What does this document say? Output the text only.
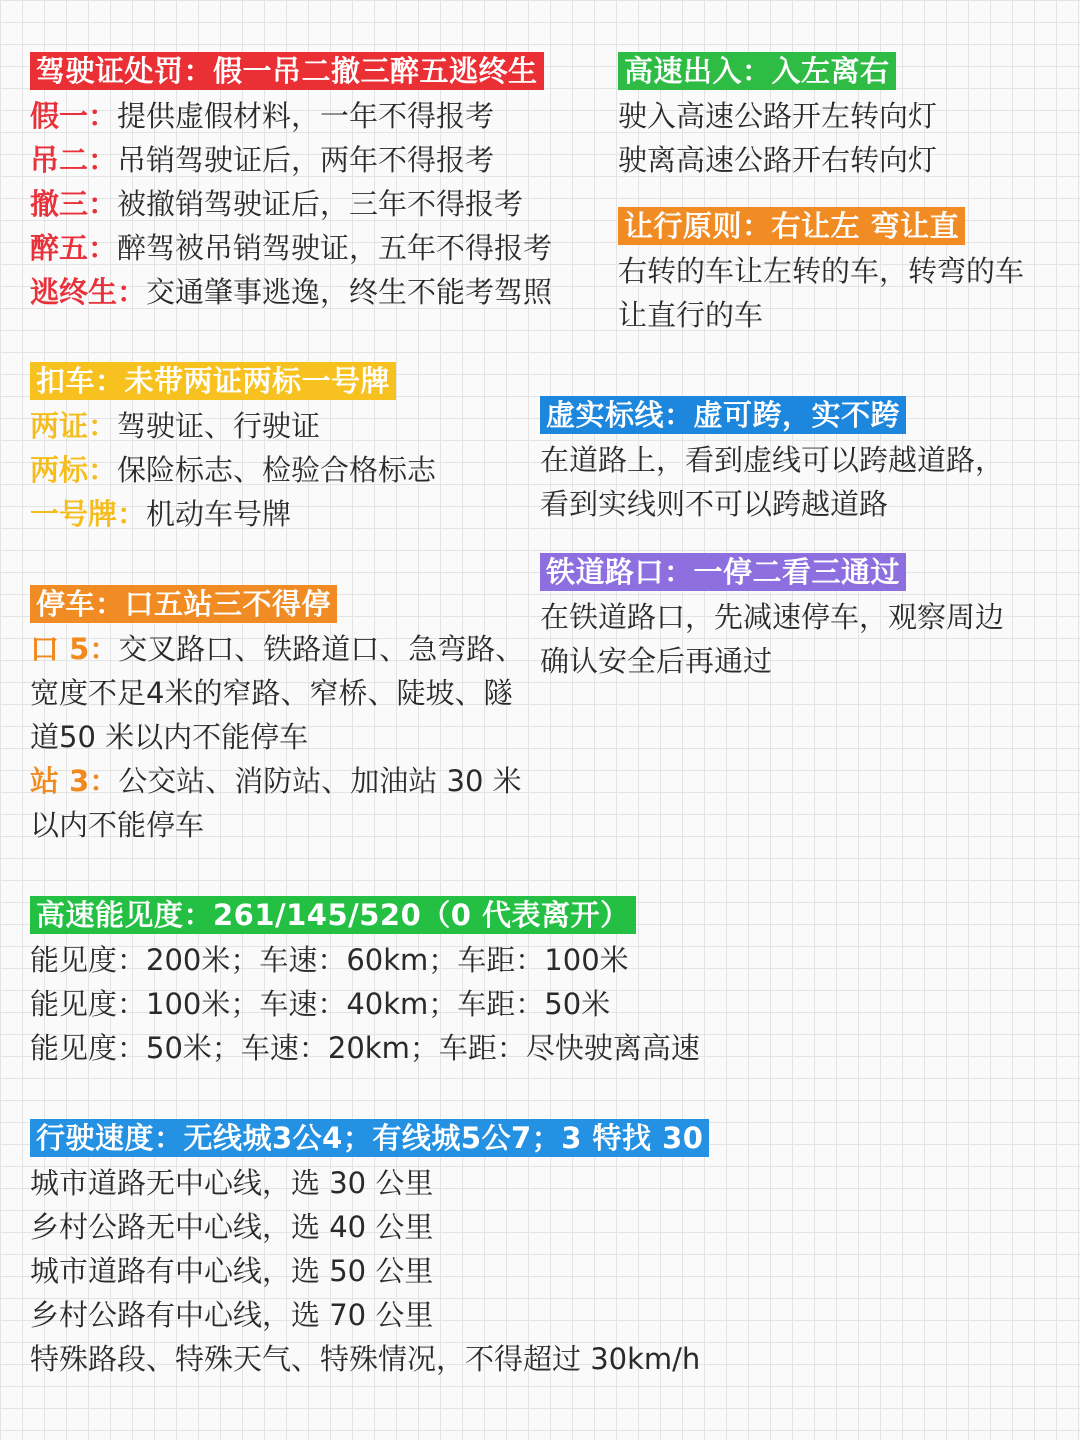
驾驶证处罚：假一吊二撤三醉五逃终生
假一：提供虚假材料，一年不得报考
吊二：吊销驾驶证后，两年不得报考
撤三：被撤销驾驶证后，三年不得报考
醉五：醉驾被吊销驾驶证，五年不得报考
逃终生：交通肇事逃逸，终生不能考驾照
高速出入：入左离右
驶入高速公路开左转向灯
驶离高速公路开右转向灯
让行原则：右让左 弯让直
右转的车让左转的车，转弯的车
让直行的车
扣车：未带两证两标一号牌
两证：驾驶证、行驶证
两标：保险标志、检验合格标志
一号牌：机动车号牌
虚实标线：虚可跨，实不跨
在道路上，看到虚线可以跨越道路，
看到实线则不可以跨越道路
铁道路口：一停二看三通过
在铁道路口，先减速停车，观察周边
确认安全后再通过
停车：口五站三不得停
口 5：交叉路口、铁路道口、急弯路、宽度不足4米的窄路、窄桥、陡坡、隧道50 米以内不能停车
站 3：公交站、消防站、加油站 30 米以内不能停车
高速能见度：261/145/520（0 代表离开）
能见度：200米；车速：60km；车距：100米
能见度：100米；车速：40km；车距：50米
能见度：50米；车速：20km；车距：尽快驶离高速
行驶速度：无线城3公4；有线城5公7；3 特找 30
城市道路无中心线，选 30 公里
乡村公路无中心线，选 40 公里
城市道路有中心线，选 50 公里
乡村公路有中心线，选 70 公里
特殊路段、特殊天气、特殊情况，不得超过 30km/h
